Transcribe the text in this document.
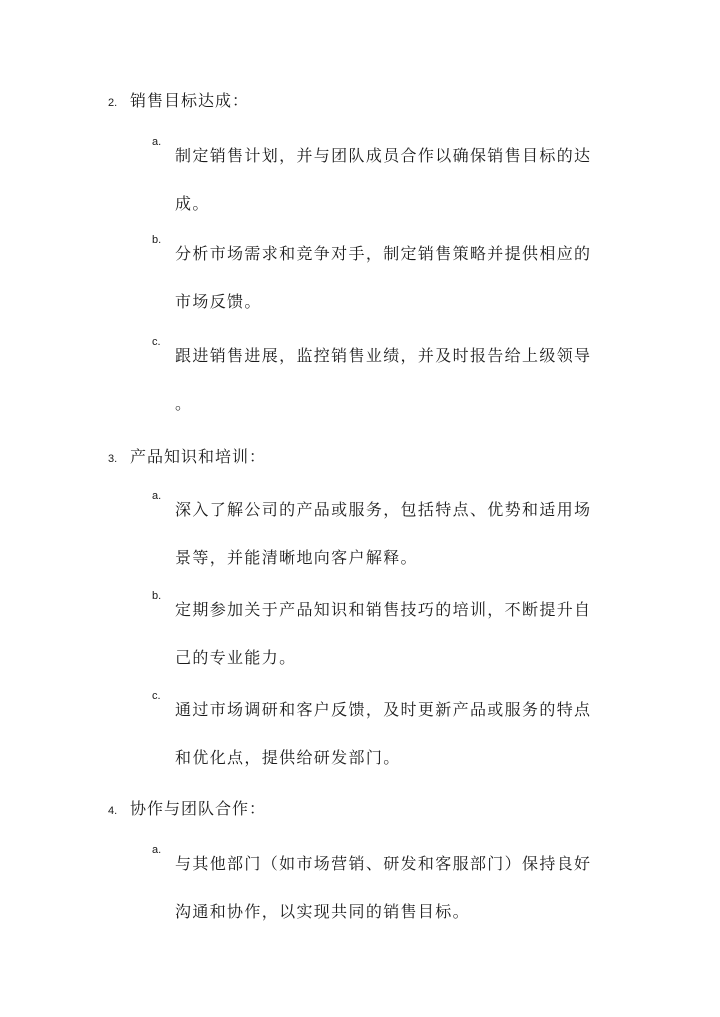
2. 销售目标达成：
a.
制定销售计划，并与团队成员合作以确保销售目标的达
成。
b.
分析市场需求和竞争对手，制定销售策略并提供相应的
市场反馈。
c.
跟进销售进展，监控销售业绩，并及时报告给上级领导
。
3. 产品知识和培训：
a.
深入了解公司的产品或服务，包括特点、优势和适用场
景等，并能清晰地向客户解释。
b.
定期参加关于产品知识和销售技巧的培训，不断提升自
己的专业能力。
c.
通过市场调研和客户反馈，及时更新产品或服务的特点
和优化点，提供给研发部门。
4. 协作与团队合作：
a.
与其他部门（如市场营销、研发和客服部门）保持良好
沟通和协作，以实现共同的销售目标。
